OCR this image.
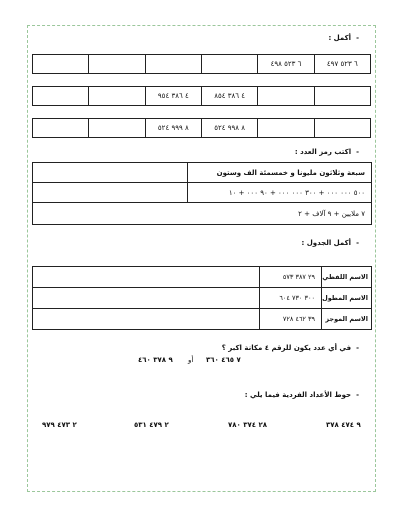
-أكمل :
				٦ ٥٢٣ ٤٩٨	٦ ٥٢٣ ٤٩٧
		٤ ٣٨٦ ٩٥٤	٤ ٣٨٦ ٨٥٤		
		٨ ٩٩٩ ٥٢٤	٨ ٩٩٨ ٥٢٤		
-اكتب رمز العدد :
	سبعة وثلاثون مليونا و خمسمئة الف وستون
	٥٠٠ ٠٠٠ ٠٠٠ + ٣٠٠ ٠٠٠ ٠٠٠ + ٩٠ ٠٠٠ + ١٠
٧ ملايين + ٩ آلاف + ٢	
-أكمل الجدول :
	٢٩ ٣٨٧ ٥٧٣	الاسم اللفظي
	٣٠٠ ٧٣٠ ٦٠٤	الاسم المطول
	٣٩ ٤٦٢ ٧٢٨	الاسم الموجز
-في أي عدد يكون للرقم ٤ مكانة اكبر ؟
٧ ٤٦٥ ٣٦٠
أو
٩ ٣٧٨ ٤٦٠
-حوط الأعداد الفردية فيما يلي :
٩ ٤٧٤ ٣٧٨
٢٨ ٣٧٤ ٧٨٠
٢ ٤٧٩ ٥٣١
٢ ٤٧٣ ٩٧٩
